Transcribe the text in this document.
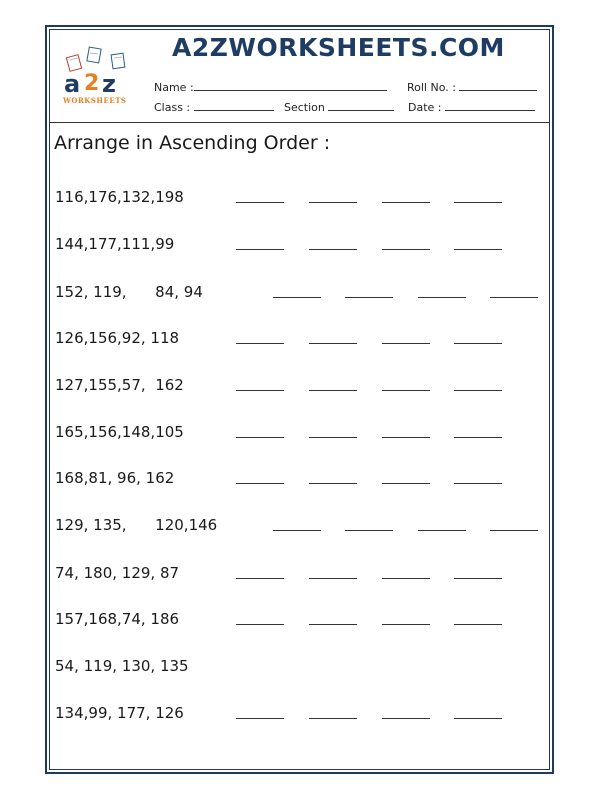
a 2 z
WORKSHEETS
A2ZWORKSHEETS.COM
Name :	Roll No. :
Class :	Section	Date :
Arrange in Ascending Order :
116,176,132,198
144,177,111,99
152, 119,      84, 94
126,156,92, 118
127,155,57,  162
165,156,148,105
168,81, 96, 162
129, 135,      120,146
74, 180, 129, 87
157,168,74, 186
54, 119, 130, 135
134,99, 177, 126
